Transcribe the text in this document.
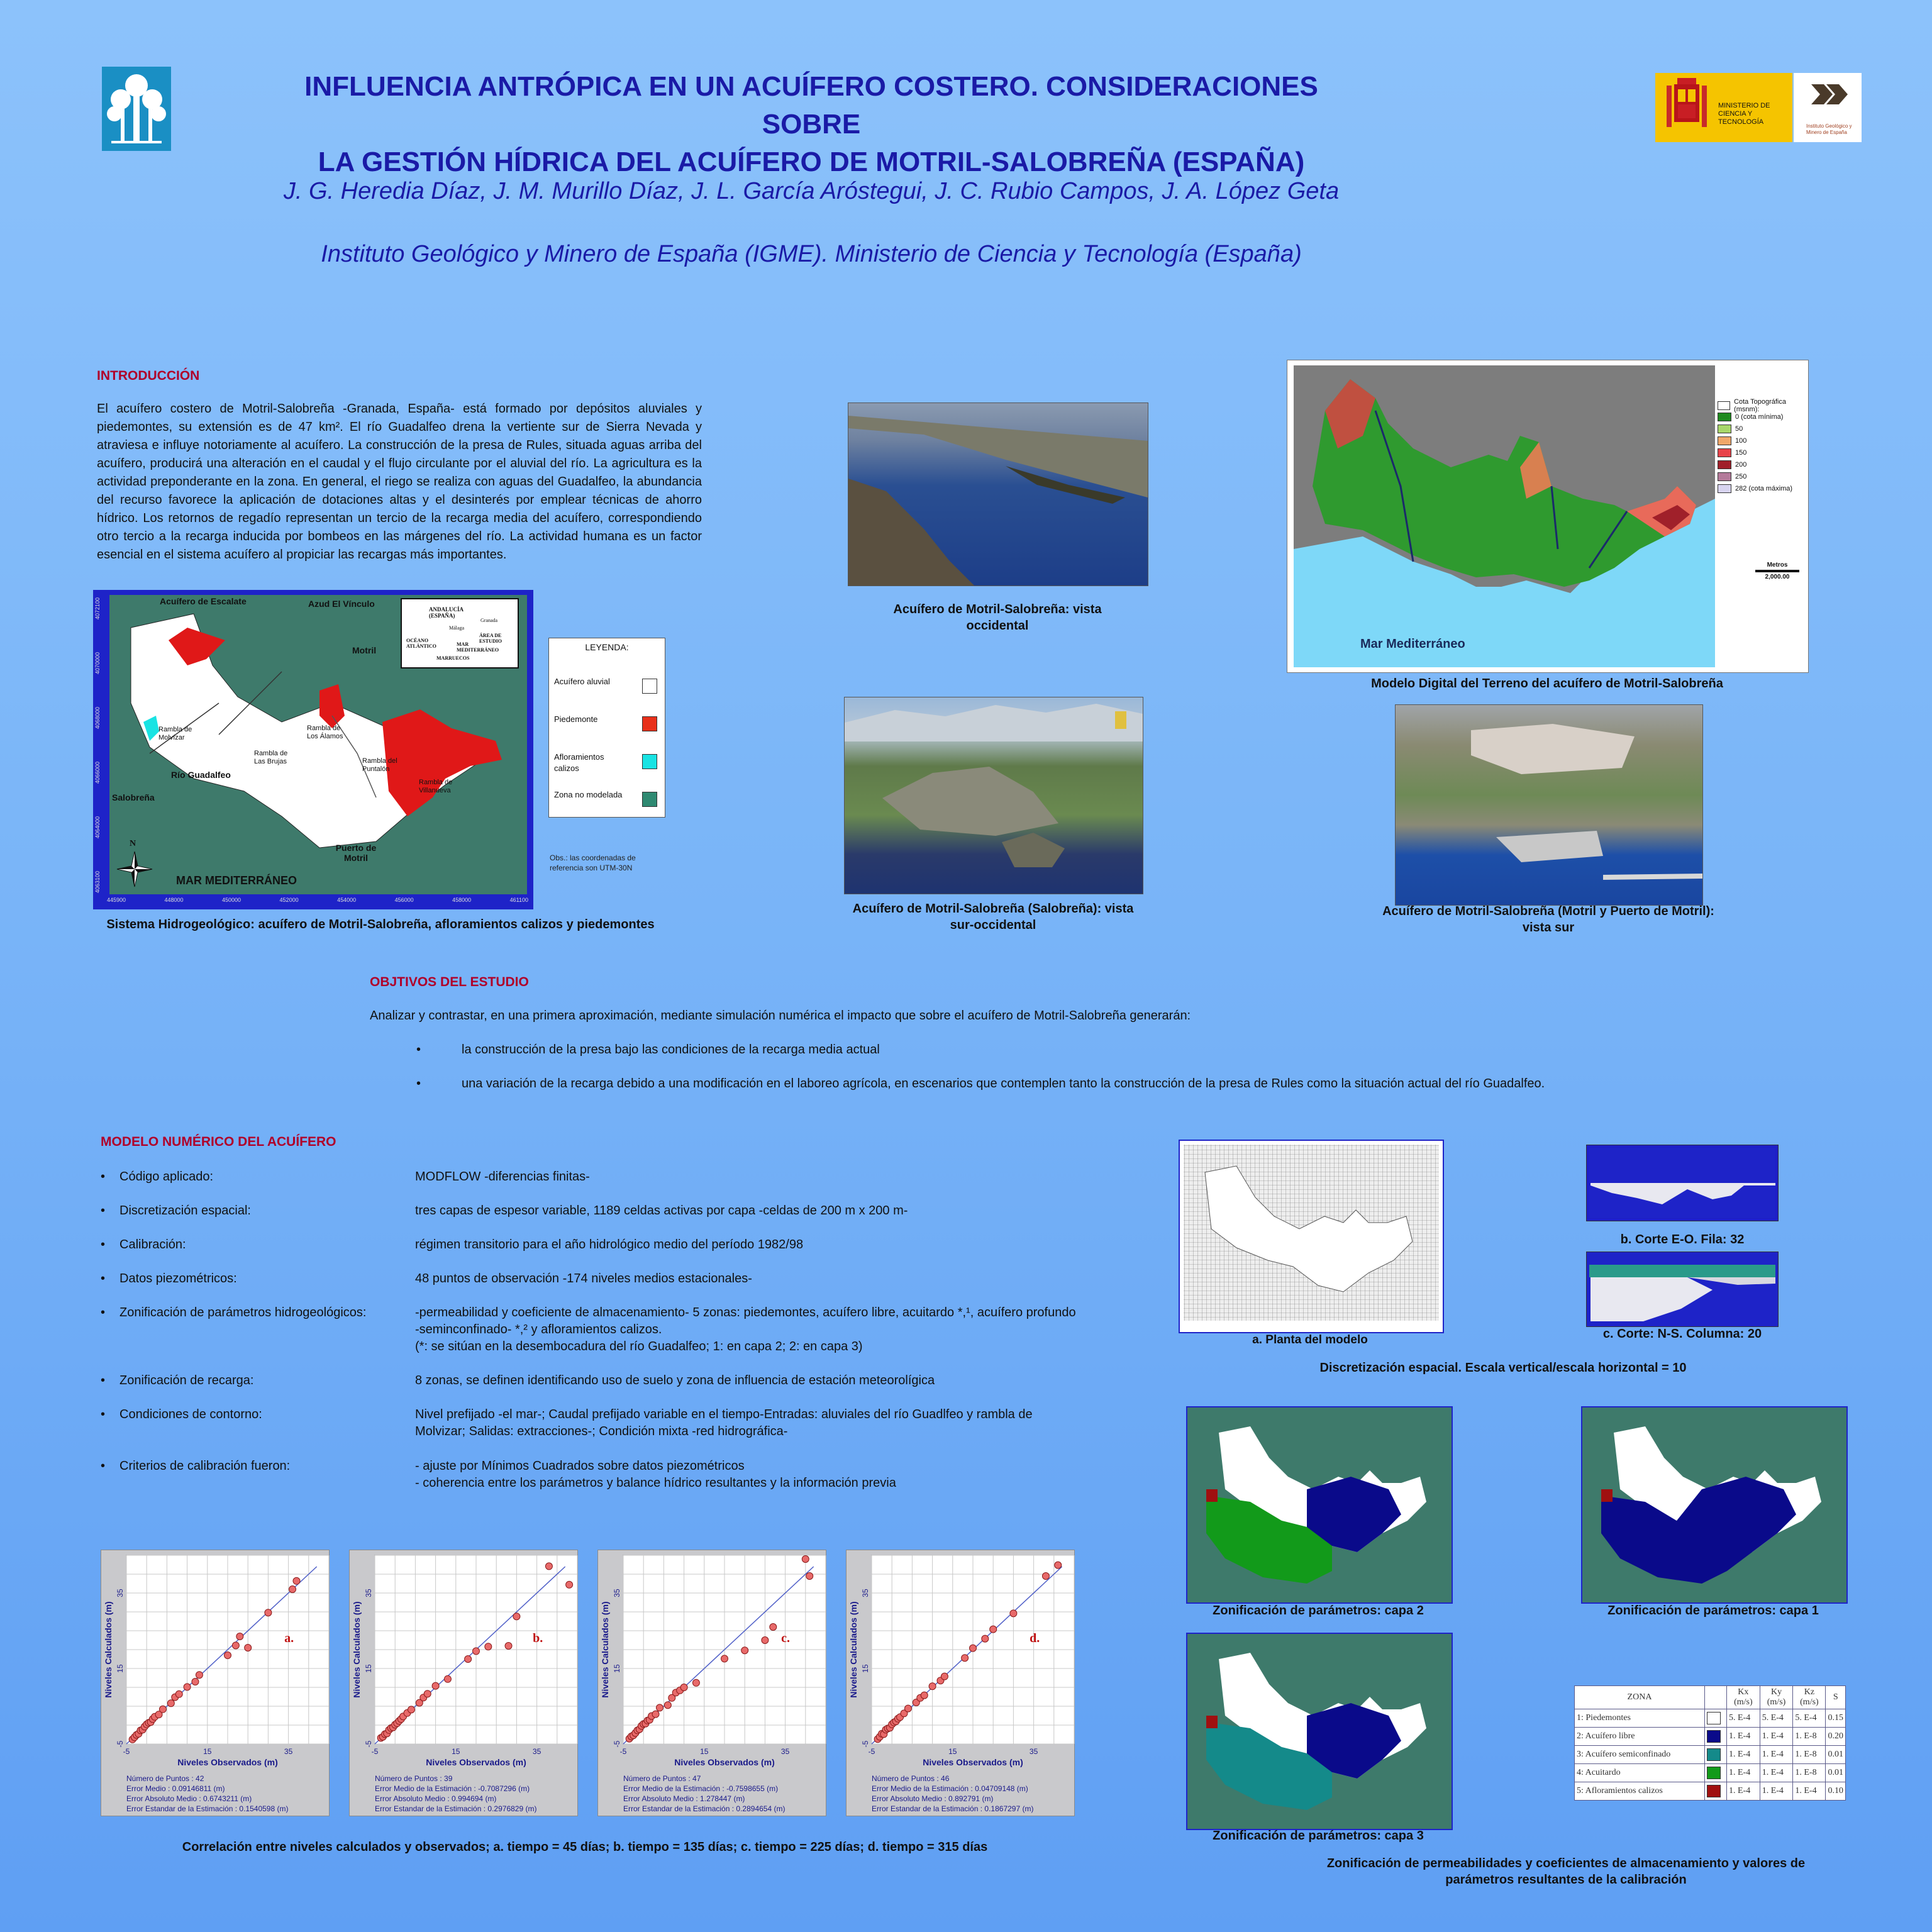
INFLUENCIA ANTRÓPICA EN UN ACUÍFERO COSTERO. CONSIDERACIONES SOBRE
LA GESTIÓN HÍDRICA DEL ACUÍFERO DE MOTRIL-SALOBREÑA (ESPAÑA)
J. G. Heredia Díaz, J. M. Murillo Díaz, J. L. García Aróstegui, J. C. Rubio Campos, J. A. López Geta
Instituto Geológico y Minero de España (IGME). Ministerio de Ciencia y Tecnología (España)
MINISTERIO DE CIENCIA Y TECNOLOGÍA
Instituto Geológico y Minero de España
INTRODUCCIÓN
El acuífero costero de Motril-Salobreña -Granada, España- está formado por depósitos aluviales y piedemontes, su extensión es de 47 km². El río Guadalfeo drena la vertiente sur de Sierra Nevada y atraviesa e influye notoriamente al acuífero. La construcción de la presa de Rules, situada aguas arriba del acuífero, producirá una alteración en el caudal y el flujo circulante por el aluvial del río. La agricultura es la actividad preponderante en la zona. En general, el riego se realiza con aguas del Guadalfeo, la abundancia del recurso favorece la aplicación de dotaciones altas y el desinterés por emplear técnicas de ahorro hídrico. Los retornos de regadío representan un tercio de la recarga media del acuífero, correspondiendo otro tercio a la recarga inducida por bombeos en las márgenes del río. La actividad humana es un factor esencial en el sistema acuífero al propiciar las recargas más importantes.
Acuífero de Escalate	Azud El Vínculo
Motril
Rambla de Molvízar
Rambla de Los Álamos
Rambla de Las Brujas	Rambla del Puntalón
Rambla de Villanueva
Río Guadalfeo
Salobreña
Puerto de Motril
MAR MEDITERRÁNEO
N
ANDALUCÍA (ESPAÑA)
Granada
Málaga
ÁREA DE ESTUDIO
OCÉANO ATLÁNTICO	MAR MEDITERRÁNEO
MARRUECOS
445900	448000	450000	452000	454000	456000	458000	461100
4072100
4070000
4068000
4066000
4064000
4063100
Sistema Hidrogeológico: acuífero de Motril-Salobreña, afloramientos calizos y piedemontes
LEYENDA:
Acuífero aluvial
Piedemonte
Afloramientos calizos
Zona no modelada
Obs.: las coordenadas de referencia son UTM-30N
Acuífero de Motril-Salobreña: vista occidental
Acuífero de Motril-Salobreña (Salobreña): vista sur-occidental
Acuífero de Motril-Salobreña (Motril y Puerto de Motril): vista sur
Mar Mediterráneo
Cota Topográfica (msnm):
0 (cota mínima)
50
100
150
200
250
282 (cota máxima)
Metros
2,000.00
Modelo Digital del Terreno del acuífero de Motril-Salobreña
OBJTIVOS DEL ESTUDIO
Analizar y contrastar, en una primera aproximación, mediante simulación numérica el impacto que sobre el acuífero de Motril-Salobreña generarán:
•	la construcción de la presa bajo las condiciones de la recarga media actual
•	una variación de la recarga debido a una modificación en el laboreo agrícola, en escenarios que contemplen tanto la construcción de la presa de Rules como la situación actual del río Guadalfeo.
MODELO NUMÉRICO DEL ACUÍFERO
• Código aplicado:	MODFLOW -diferencias finitas-
• Discretización espacial:	tres capas de espesor variable, 1189 celdas activas por capa -celdas de 200 m x 200 m-
• Calibración:	régimen transitorio para el año hidrológico medio del período 1982/98
• Datos piezométricos:	48 puntos de observación -174 niveles medios estacionales-
• Zonificación de parámetros hidrogeológicos:	-permeabilidad y coeficiente de almacenamiento- 5 zonas: piedemontes, acuífero libre, acuitardo *,¹, acuífero profundo -seminconfinado- *,² y afloramientos calizos.
(*: se sitúan en la desembocadura del río Guadalfeo; 1: en capa 2; 2: en capa 3)
• Zonificación de recarga:	8 zonas, se definen identificando uso de suelo y zona de influencia de estación meteorolígica
• Condiciones de contorno:	Nivel prefijado -el mar-; Caudal prefijado variable en el tiempo-Entradas: aluviales del río Guadlfeo y rambla de Molvizar; Salidas: extracciones-; Condición mixta -red hidrográfica-
• Criterios de calibración fueron:	- ajuste por Mínimos Cuadrados sobre datos piezométricos
- coherencia entre los parámetros y balance hídrico resultantes y la información previa
a. Planta del modelo
b. Corte E-O. Fila: 32
c. Corte: N-S. Columna: 20
Discretización espacial. Escala vertical/escala horizontal = 10
Zonificación de parámetros: capa 2	Zonificación de parámetros: capa 1
Zonificación de parámetros: capa 3
ZONA		Kx (m/s)	Ky (m/s)	Kz (m/s)	S
1: Piedemontes		5. E-4	5. E-4	5. E-4	0.15
2: Acuífero libre		1. E-4	1. E-4	1. E-8	0.20
3: Acuífero semiconfinado		1. E-4	1. E-4	1. E-8	0.01
4: Acuitardo		1. E-4	1. E-4	1. E-8	0.01
5: Afloramientos calizos		1. E-4	1. E-4	1. E-4	0.10
Zonificación de permeabilidades y coeficientes de almacenamiento y valores de parámetros resultantes de la calibración
-5
-5
15
15
35
35
a.
Niveles Observados (m)
Niveles Calculados (m)
Número de Puntos : 42
Error Medio : 0.09146811 (m)
Error Absoluto Medio : 0.6743211 (m)
Error Estandar de la Estimación : 0.1540598 (m)
-5
-5
15
15
35
35
b.
Niveles Observados (m)
Niveles Calculados (m)
Número de Puntos : 39
Error Medio de la Estimación : -0.7087296 (m)
Error Absoluto Medio : 0.994694 (m)
Error Estandar de la Estimación : 0.2976829 (m)
-5
-5
15
15
35
35
c.
Niveles Observados (m)
Niveles Calculados (m)
Número de Puntos : 47
Error Medio de la Estimación : -0.7598655 (m)
Error Absoluto Medio : 1.278447 (m)
Error Estandar de la Estimación : 0.2894654 (m)
-5
-5
15
15
35
35
d.
Niveles Observados (m)
Niveles Calculados (m)
Número de Puntos : 46
Error Medio de la Estimación : 0.04709148 (m)
Error Absoluto Medio : 0.892791 (m)
Error Estandar de la Estimación : 0.1867297 (m)
Correlación entre niveles calculados y observados; a. tiempo = 45 días; b. tiempo = 135 días; c. tiempo = 225 días; d. tiempo = 315 días
